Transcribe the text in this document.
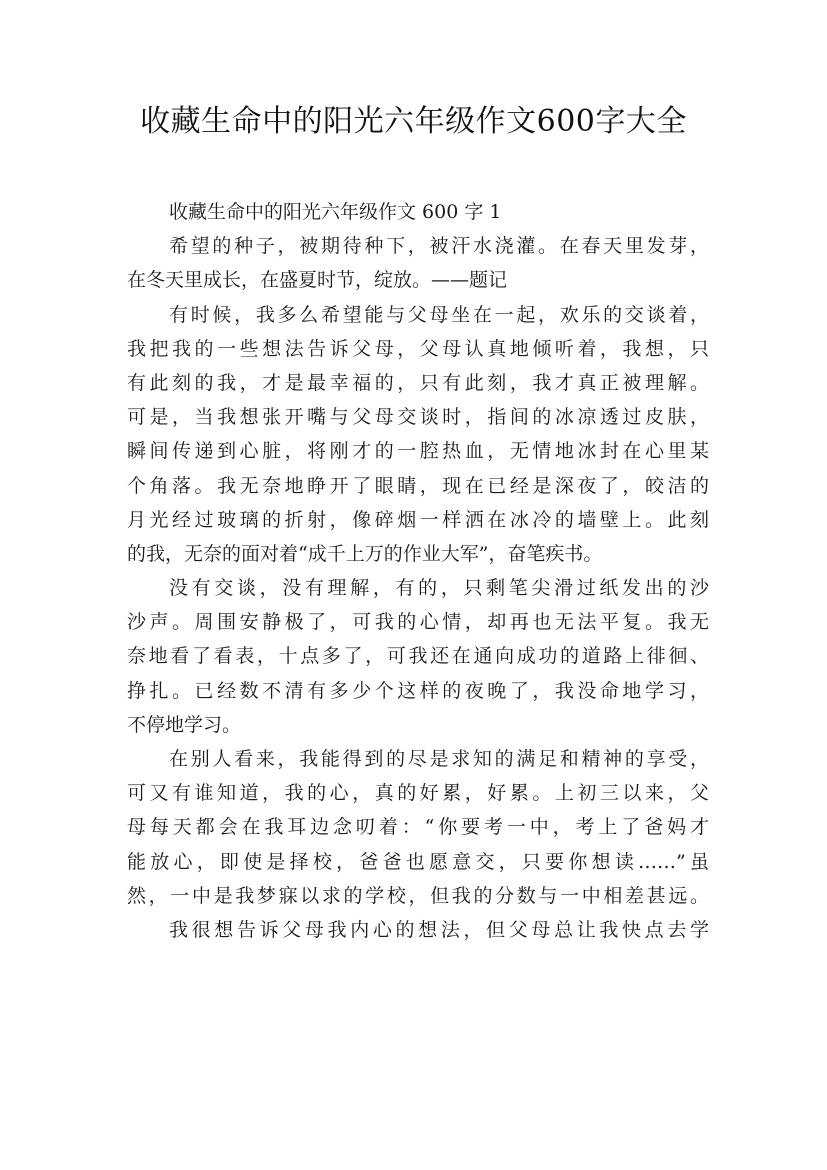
收藏生命中的阳光六年级作文600字大全
收藏生命中的阳光六年级作文 600 字 1
希望的种子，被期待种下，被汗水浇灌。在春天里发芽，
在冬天里成长，在盛夏时节，绽放。——题记
有时候，我多么希望能与父母坐在一起，欢乐的交谈着，
我把我的一些想法告诉父母，父母认真地倾听着，我想，只
有此刻的我，才是最幸福的，只有此刻，我才真正被理解。
可是，当我想张开嘴与父母交谈时，指间的冰凉透过皮肤，
瞬间传递到心脏，将刚才的一腔热血，无情地冰封在心里某
个角落。我无奈地睁开了眼睛，现在已经是深夜了，皎洁的
月光经过玻璃的折射，像碎烟一样洒在冰冷的墙壁上。此刻
的我，无奈的面对着“成千上万的作业大军”，奋笔疾书。
没有交谈，没有理解，有的，只剩笔尖滑过纸发出的沙
沙声。周围安静极了，可我的心情，却再也无法平复。我无
奈地看了看表，十点多了，可我还在通向成功的道路上徘徊、
挣扎。已经数不清有多少个这样的夜晚了，我没命地学习，
不停地学习。
在别人看来，我能得到的尽是求知的满足和精神的享受，
可又有谁知道，我的心，真的好累，好累。上初三以来，父
母每天都会在我耳边念叨着：“你要考一中，考上了爸妈才
能放心，即使是择校，爸爸也愿意交，只要你想读……”虽
然，一中是我梦寐以求的学校，但我的分数与一中相差甚远。
我很想告诉父母我内心的想法，但父母总让我快点去学
